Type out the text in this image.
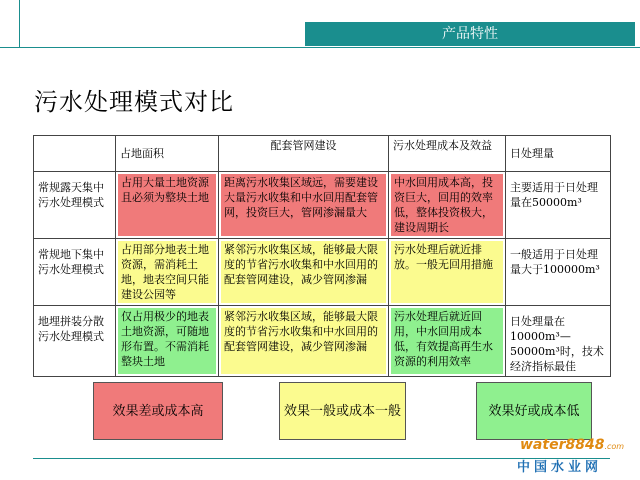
产品特性
污水处理模式对比
	占地面积	配套管网建设	污水处理成本及效益	日处理量
常规露天集中污水处理模式	占用大量土地资源且必须为整块土地	距离污水收集区域远，需要建设大量污水收集和中水回用配套管网，投资巨大，管网渗漏量大	中水回用成本高，投资巨大，回用的效率低，整体投资极大，建设周期长	主要适用于日处理量在50000m³
常规地下集中污水处理模式	占用部分地表土地资源，需消耗土地，地表空间只能建设公园等	紧邻污水收集区域，能够最大限度的节省污水收集和中水回用的配套管网建设，减少管网渗漏	污水处理后就近排放。一般无回用措施	一般适用于日处理量大于100000m³
地埋拼装分散污水处理模式	仅占用极少的地表土地资源，可随地形布置。不需消耗整块土地	紧邻污水收集区域，能够最大限度的节省污水收集和中水回用的配套管网建设，减少管网渗漏	污水处理后就近回用，中水回用成本低，有效提高再生水资源的利用效率	日处理量在10000m³—50000m³时，技术经济指标最佳
效果差或成本高	效果一般或成本一般	效果好或成本低
water8848.com
中国水业网
